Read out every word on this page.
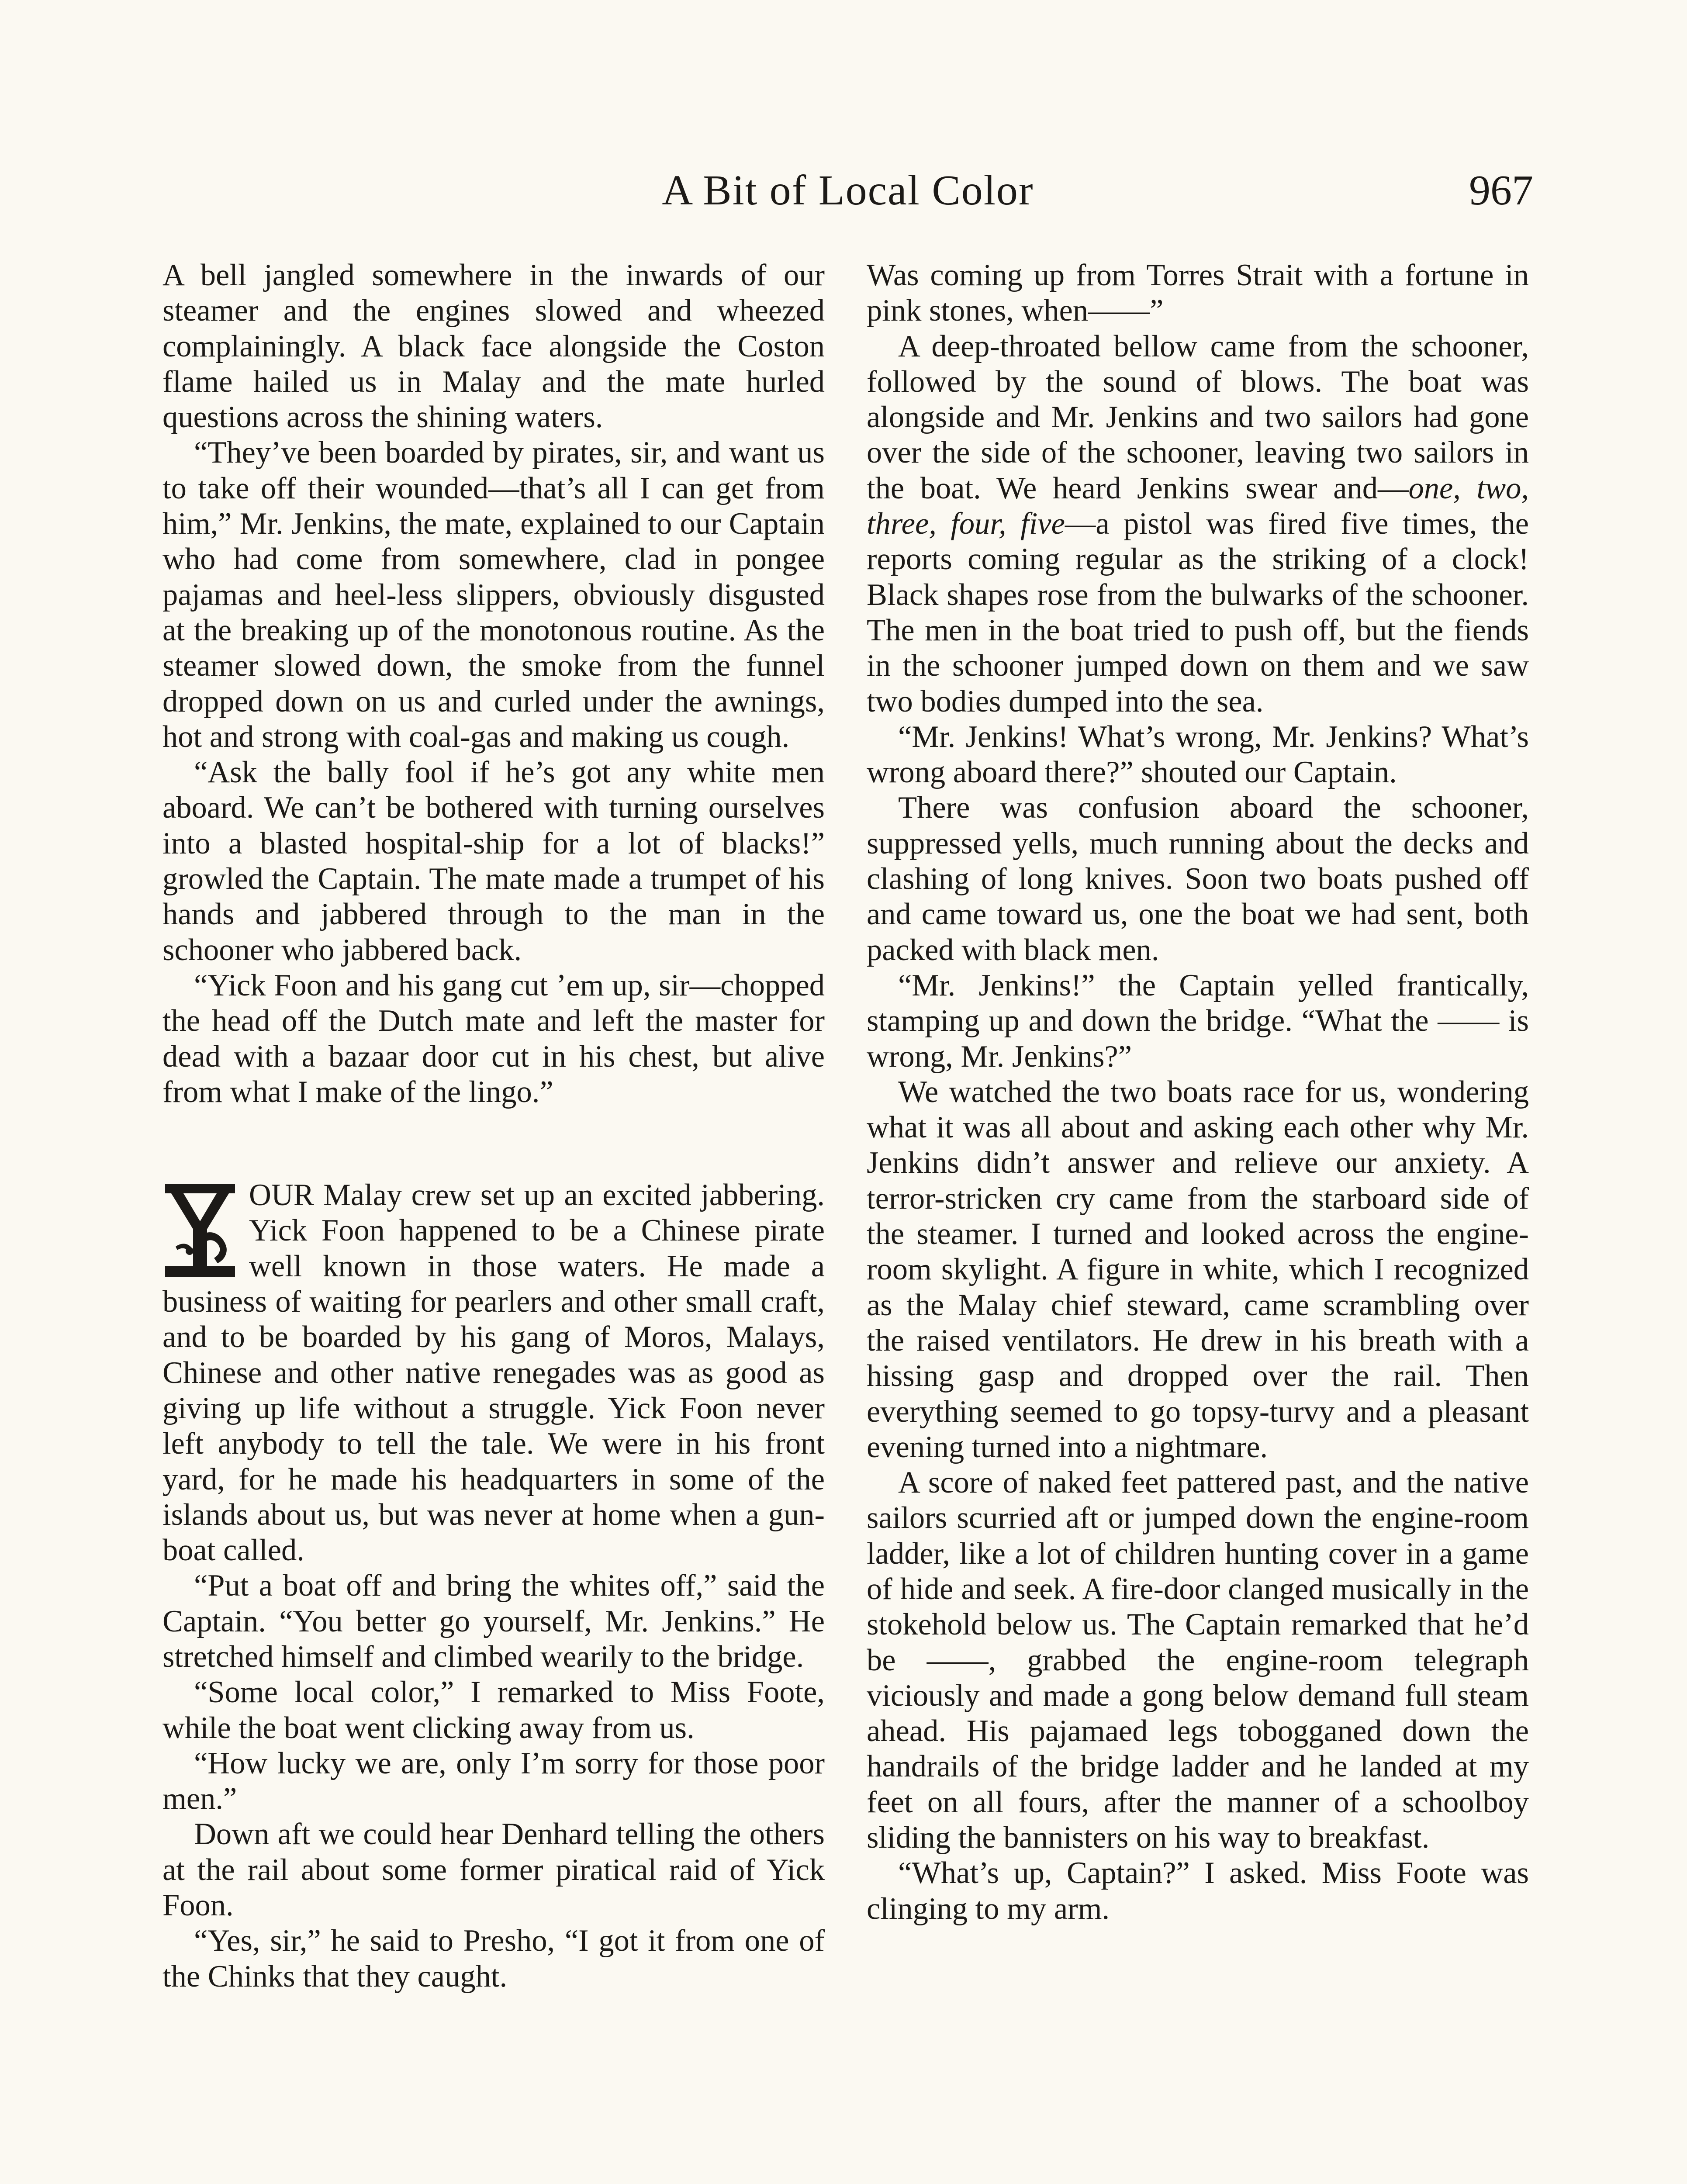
A Bit of Local Color	967

A bell jangled somewhere in the inwards of our steamer and the engines slowed and wheezed complainingly. A black face alongside the Coston flame hailed us in Malay and the mate hurled questions across the shining waters.

“They’ve been boarded by pirates, sir, and want us to take off their wounded—that’s all I can get from him,” Mr. Jenkins, the mate, explained to our Captain who had come from somewhere, clad in pongee pajamas and heel-less slippers, obviously disgusted at the breaking up of the monotonous routine. As the steamer slowed down, the smoke from the funnel dropped down on us and curled under the awnings, hot and strong with coal-gas and making us cough.

“Ask the bally fool if he’s got any white men aboard. We can’t be bothered with turning ourselves into a blasted hospital-ship for a lot of blacks!” growled the Captain. The mate made a trumpet of his hands and jabbered through to the man in the schooner who jabbered back.

“Yick Foon and his gang cut ’em up, sir—chopped the head off the Dutch mate and left the master for dead with a bazaar door cut in his chest, but alive from what I make of the lingo.”

OUR Malay crew set up an excited jabbering. Yick Foon happened to be a Chinese pirate well known in those waters. He made a business of waiting for pearlers and other small craft, and to be boarded by his gang of Moros, Malays, Chinese and other native renegades was as good as giving up life without a struggle. Yick Foon never left anybody to tell the tale. We were in his front yard, for he made his headquarters in some of the islands about us, but was never at home when a gun-boat called.

“Put a boat off and bring the whites off,” said the Captain. “You better go yourself, Mr. Jenkins.” He stretched himself and climbed wearily to the bridge.

“Some local color,” I remarked to Miss Foote, while the boat went clicking away from us.

“How lucky we are, only I’m sorry for those poor men.”

Down aft we could hear Denhard telling the others at the rail about some former piratical raid of Yick Foon.

“Yes, sir,” he said to Presho, “I got it from one of the Chinks that they caught.

Was coming up from Torres Strait with a fortune in pink stones, when——”

A deep-throated bellow came from the schooner, followed by the sound of blows. The boat was alongside and Mr. Jenkins and two sailors had gone over the side of the schooner, leaving two sailors in the boat. We heard Jenkins swear and—one, two, three, four, five—a pistol was fired five times, the reports coming regular as the striking of a clock! Black shapes rose from the bulwarks of the schooner. The men in the boat tried to push off, but the fiends in the schooner jumped down on them and we saw two bodies dumped into the sea.

“Mr. Jenkins! What’s wrong, Mr. Jenkins? What’s wrong aboard there?” shouted our Captain.

There was confusion aboard the schooner, suppressed yells, much running about the decks and clashing of long knives. Soon two boats pushed off and came toward us, one the boat we had sent, both packed with black men.

“Mr. Jenkins!” the Captain yelled frantically, stamping up and down the bridge. “What the —— is wrong, Mr. Jenkins?”

We watched the two boats race for us, wondering what it was all about and asking each other why Mr. Jenkins didn’t answer and relieve our anxiety. A terror-stricken cry came from the starboard side of the steamer. I turned and looked across the engine-room skylight. A figure in white, which I recognized as the Malay chief steward, came scrambling over the raised ventilators. He drew in his breath with a hissing gasp and dropped over the rail. Then everything seemed to go topsy-turvy and a pleasant evening turned into a nightmare.

A score of naked feet pattered past, and the native sailors scurried aft or jumped down the engine-room ladder, like a lot of children hunting cover in a game of hide and seek. A fire-door clanged musically in the stokehold below us. The Captain remarked that he’d be ——, grabbed the engine-room telegraph viciously and made a gong below demand full steam ahead. His pajamaed legs tobogganed down the handrails of the bridge ladder and he landed at my feet on all fours, after the manner of a schoolboy sliding the bannisters on his way to breakfast.

“What’s up, Captain?” I asked. Miss Foote was clinging to my arm.
